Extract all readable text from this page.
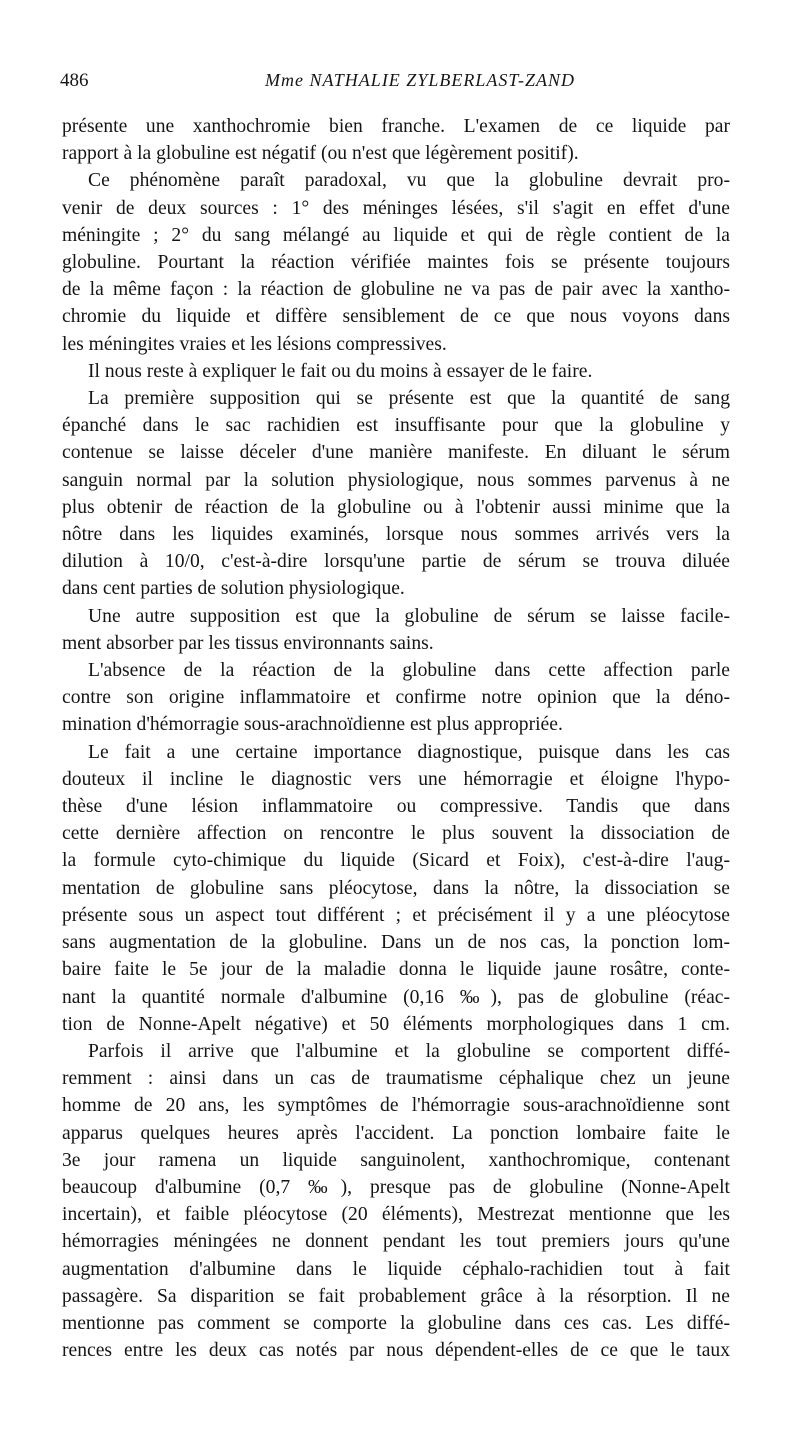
486	Mme NATHALIE ZYLBERLAST-ZAND
présente une xanthochromie bien franche. L'examen de ce liquide par
rapport à la globuline est négatif (ou n'est que légèrement positif).
Ce phénomène paraît paradoxal, vu que la globuline devrait pro-
venir de deux sources : 1° des méninges lésées, s'il s'agit en effet d'une
méningite ; 2° du sang mélangé au liquide et qui de règle contient de la
globuline. Pourtant la réaction vérifiée maintes fois se présente toujours
de la même façon : la réaction de globuline ne va pas de pair avec la xantho-
chromie du liquide et diffère sensiblement de ce que nous voyons dans
les méningites vraies et les lésions compressives.
Il nous reste à expliquer le fait ou du moins à essayer de le faire.
La première supposition qui se présente est que la quantité de sang
épanché dans le sac rachidien est insuffisante pour que la globuline y
contenue se laisse déceler d'une manière manifeste. En diluant le sérum
sanguin normal par la solution physiologique, nous sommes parvenus à ne
plus obtenir de réaction de la globuline ou à l'obtenir aussi minime que la
nôtre dans les liquides examinés, lorsque nous sommes arrivés vers la
dilution à 10/0, c'est-à-dire lorsqu'une partie de sérum se trouva diluée
dans cent parties de solution physiologique.
Une autre supposition est que la globuline de sérum se laisse facile-
ment absorber par les tissus environnants sains.
L'absence de la réaction de la globuline dans cette affection parle
contre son origine inflammatoire et confirme notre opinion que la déno-
mination d'hémorragie sous-arachnoïdienne est plus appropriée.
Le fait a une certaine importance diagnostique, puisque dans les cas
douteux il incline le diagnostic vers une hémorragie et éloigne l'hypo-
thèse d'une lésion inflammatoire ou compressive. Tandis que dans
cette dernière affection on rencontre le plus souvent la dissociation de
la formule cyto-chimique du liquide (Sicard et Foix), c'est-à-dire l'aug-
mentation de globuline sans pléocytose, dans la nôtre, la dissociation se
présente sous un aspect tout différent ; et précisément il y a une pléocytose
sans augmentation de la globuline. Dans un de nos cas, la ponction lom-
baire faite le 5e jour de la maladie donna le liquide jaune rosâtre, conte-
nant la quantité normale d'albumine (0,16 ‰), pas de globuline (réac-
tion de Nonne-Apelt négative) et 50 éléments morphologiques dans 1 cm.
Parfois il arrive que l'albumine et la globuline se comportent diffé-
remment : ainsi dans un cas de traumatisme céphalique chez un jeune
homme de 20 ans, les symptômes de l'hémorragie sous-arachnoïdienne sont
apparus quelques heures après l'accident. La ponction lombaire faite le
3e jour ramena un liquide sanguinolent, xanthochromique, contenant
beaucoup d'albumine (0,7 ‰), presque pas de globuline (Nonne-Apelt
incertain), et faible pléocytose (20 éléments), Mestrezat mentionne que les
hémorragies méningées ne donnent pendant les tout premiers jours qu'une
augmentation d'albumine dans le liquide céphalo-rachidien tout à fait
passagère. Sa disparition se fait probablement grâce à la résorption. Il ne
mentionne pas comment se comporte la globuline dans ces cas. Les diffé-
rences entre les deux cas notés par nous dépendent-elles de ce que le taux
